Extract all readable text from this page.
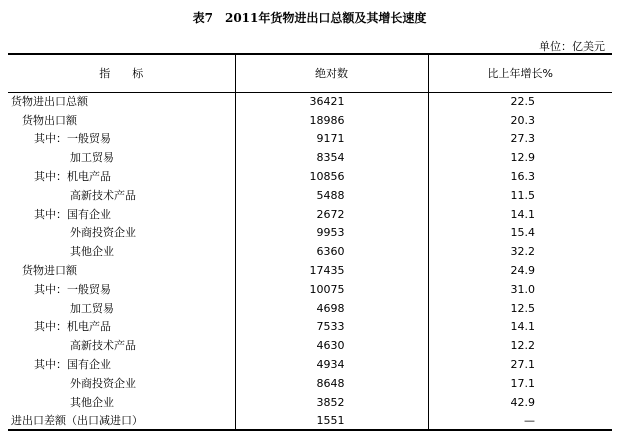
表7　2011年货物进出口总额及其增长速度
单位：亿美元
指　　标	绝对数	比上年增长%
货物进出口总额	36421	22.5
货物出口额	18986	20.3
其中：一般贸易	9171	27.3
加工贸易	8354	12.9
其中：机电产品	10856	16.3
高新技术产品	5488	11.5
其中：国有企业	2672	14.1
外商投资企业	9953	15.4
其他企业	6360	32.2
货物进口额	17435	24.9
其中：一般贸易	10075	31.0
加工贸易	4698	12.5
其中：机电产品	7533	14.1
高新技术产品	4630	12.2
其中：国有企业	4934	27.1
外商投资企业	8648	17.1
其他企业	3852	42.9
进出口差额（出口减进口）	1551	—
